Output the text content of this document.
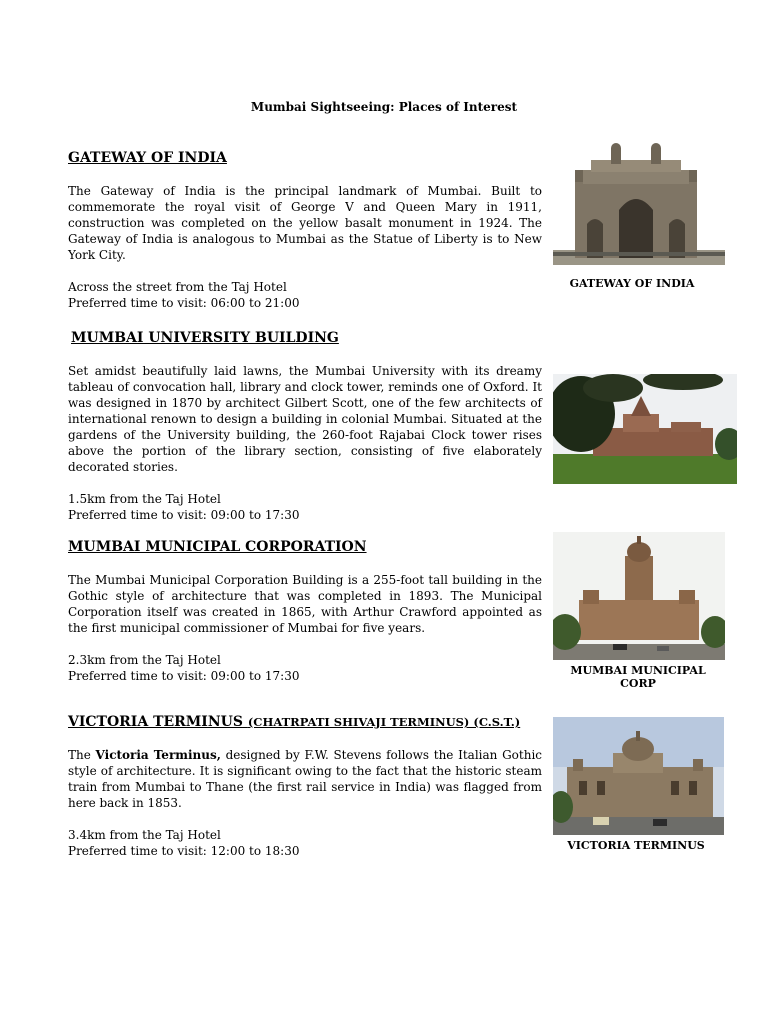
Mumbai Sightseeing: Places of Interest
GATEWAY OF INDIA
The Gateway of India is the principal landmark of Mumbai. Built to commemorate the royal visit of George V and Queen Mary in 1911, construction was completed on the yellow basalt monument in 1924. The Gateway of India is analogous to Mumbai as the Statue of Liberty is to New York City.
Across the street from the Taj Hotel
Preferred time to visit: 06:00 to 21:00
GATEWAY OF INDIA
MUMBAI UNIVERSITY BUILDING
Set amidst beautifully laid lawns, the Mumbai University with its dreamy tableau of convocation hall, library and clock tower, reminds one of Oxford. It was designed in 1870 by architect Gilbert Scott, one of the few architects of international renown to design a building in colonial Mumbai. Situated at the gardens of the University building, the 260-foot Rajabai Clock tower rises above the portion of the library section, consisting of five elaborately decorated stories.
1.5km from the Taj Hotel
Preferred time to visit: 09:00 to 17:30
MUMBAI MUNICIPAL CORPORATION
The Mumbai Municipal Corporation Building is a 255-foot tall building in the Gothic style of architecture that was completed in 1893. The Municipal Corporation itself was created in 1865, with Arthur Crawford appointed as the first municipal commissioner of Mumbai for five years.
2.3km from the Taj Hotel
Preferred time to visit: 09:00 to 17:30	MUMBAI MUNICIPAL CORP
VICTORIA TERMINUS (CHATRPATI SHIVAJI TERMINUS) (C.S.T.)
The Victoria Terminus, designed by F.W. Stevens follows the Italian Gothic style of architecture. It is significant owing to the fact that the historic steam train from Mumbai to Thane (the first rail service in India) was flagged from here back in 1853.
3.4km from the Taj Hotel
Preferred time to visit: 12:00 to 18:30	VICTORIA TERMINUS
